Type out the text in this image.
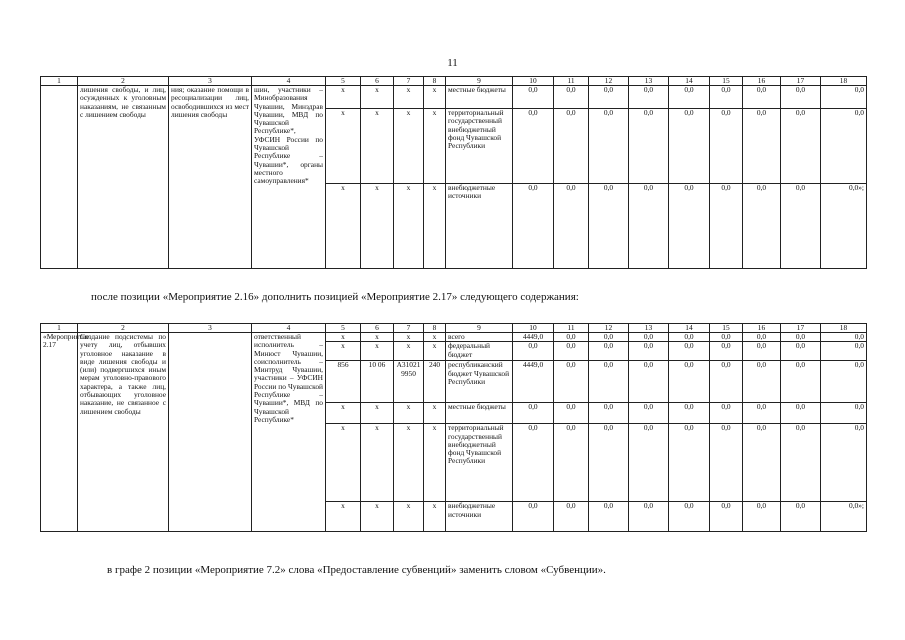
11
1	2	3	4	5	6	7	8	9	10	11	12	13	14	15	16	17	18
	лишения свободы, и лиц, осужденных к уголовным наказаниям, не связанным с лишением свободы	ния; оказание помощи в ресоциализации лиц, освободившихся из мест лишения свободы	шин, участники – Минобразования Чувашии, Минздрав Чувашии, МВД по Чувашской Республике*, УФСИН России по Чувашской Республике – Чувашии*, органы местного самоуправления*	х	х	х	х	местные бюджеты	0,0	0,0	0,0	0,0	0,0	0,0	0,0	0,0	0,0
				х	х	х	х	территориальный государственный внебюджетный фонд Чувашской Республики	0,0	0,0	0,0	0,0	0,0	0,0	0,0	0,0	0,0
				х	х	х	х	внебюджетные источники	0,0	0,0	0,0	0,0	0,0	0,0	0,0	0,0	0,0»;
после позиции «Мероприятие 2.16» дополнить позицией «Мероприятие 2.17» следующего содержания:
1	2	3	4	5	6	7	8	9	10	11	12	13	14	15	16	17	18
«Мероприятие 2.17	Создание подсистемы по учету лиц, отбывших уголовное наказание в виде лишения свободы и (или) подвергшихся иным мерам уголовно-правового характера, а также лиц, отбывающих уголовное наказание, не связанное с лишением свободы		ответственный исполнитель – Минюст Чувашии, соисполнитель – Минтруд Чувашии, участники – УФСИН России по Чувашской Республике – Чувашии*, МВД по Чувашской Республике*	х	х	х	х	всего	4449,0	0,0	0,0	0,0	0,0	0,0	0,0	0,0	0,0
				х	х	х	х	федеральный бюджет	0,0	0,0	0,0	0,0	0,0	0,0	0,0	0,0	0,0
				856	10 06	А310219950	240	республиканский бюджет Чувашской Республики	4449,0	0,0	0,0	0,0	0,0	0,0	0,0	0,0	0,0
				х	х	х	х	местные бюджеты	0,0	0,0	0,0	0,0	0,0	0,0	0,0	0,0	0,0
				х	х	х	х	территориальный государственный внебюджетный фонд Чувашской Республики	0,0	0,0	0,0	0,0	0,0	0,0	0,0	0,0	0,0
				х	х	х	х	внебюджетные источники	0,0	0,0	0,0	0,0	0,0	0,0	0,0	0,0	0,0»;
в графе 2 позиции «Мероприятие 7.2» слова «Предоставление субвенций» заменить словом «Субвенции».
